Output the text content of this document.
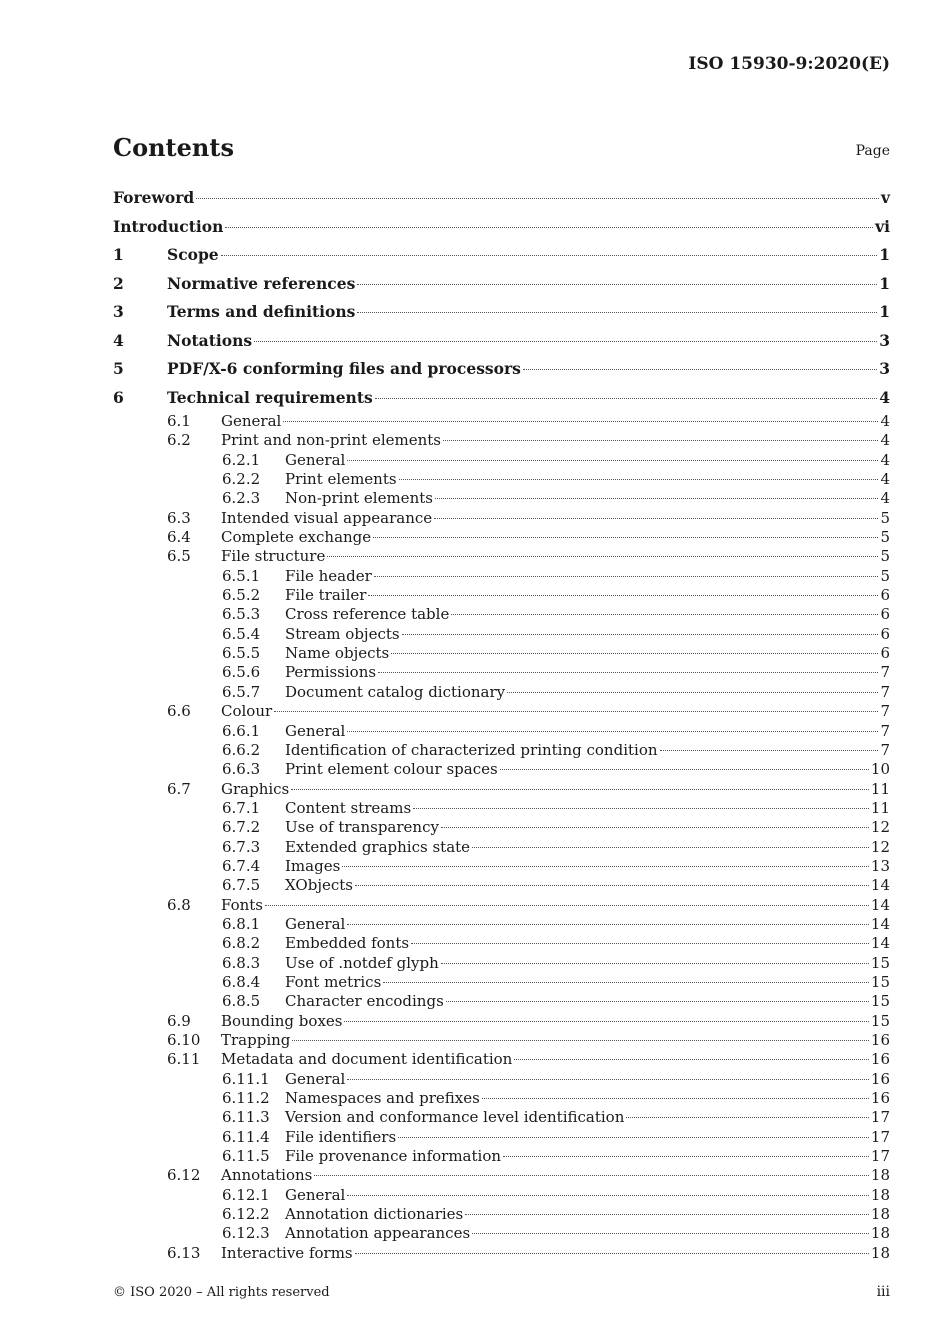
ISO 15930-9:2020(E)
Contents	Page
Foreword	v
Introduction	vi
1	Scope	1
2	Normative references	1
3	Terms and definitions	1
4	Notations	3
5	PDF/X-6 conforming files and processors	3
6	Technical requirements	4
6.1	General	4
6.2	Print and non-print elements	4
6.2.1	General	4
6.2.2	Print elements	4
6.2.3	Non-print elements	4
6.3	Intended visual appearance	5
6.4	Complete exchange	5
6.5	File structure	5
6.5.1	File header	5
6.5.2	File trailer	6
6.5.3	Cross reference table	6
6.5.4	Stream objects	6
6.5.5	Name objects	6
6.5.6	Permissions	7
6.5.7	Document catalog dictionary	7
6.6	Colour	7
6.6.1	General	7
6.6.2	Identification of characterized printing condition	7
6.6.3	Print element colour spaces	10
6.7	Graphics	11
6.7.1	Content streams	11
6.7.2	Use of transparency	12
6.7.3	Extended graphics state	12
6.7.4	Images	13
6.7.5	XObjects	14
6.8	Fonts	14
6.8.1	General	14
6.8.2	Embedded fonts	14
6.8.3	Use of .notdef glyph	15
6.8.4	Font metrics	15
6.8.5	Character encodings	15
6.9	Bounding boxes	15
6.10	Trapping	16
6.11	Metadata and document identification	16
6.11.1	General	16
6.11.2	Namespaces and prefixes	16
6.11.3	Version and conformance level identification	17
6.11.4	File identifiers	17
6.11.5	File provenance information	17
6.12	Annotations	18
6.12.1	General	18
6.12.2	Annotation dictionaries	18
6.12.3	Annotation appearances	18
6.13	Interactive forms	18
© ISO 2020 – All rights reserved	iii
